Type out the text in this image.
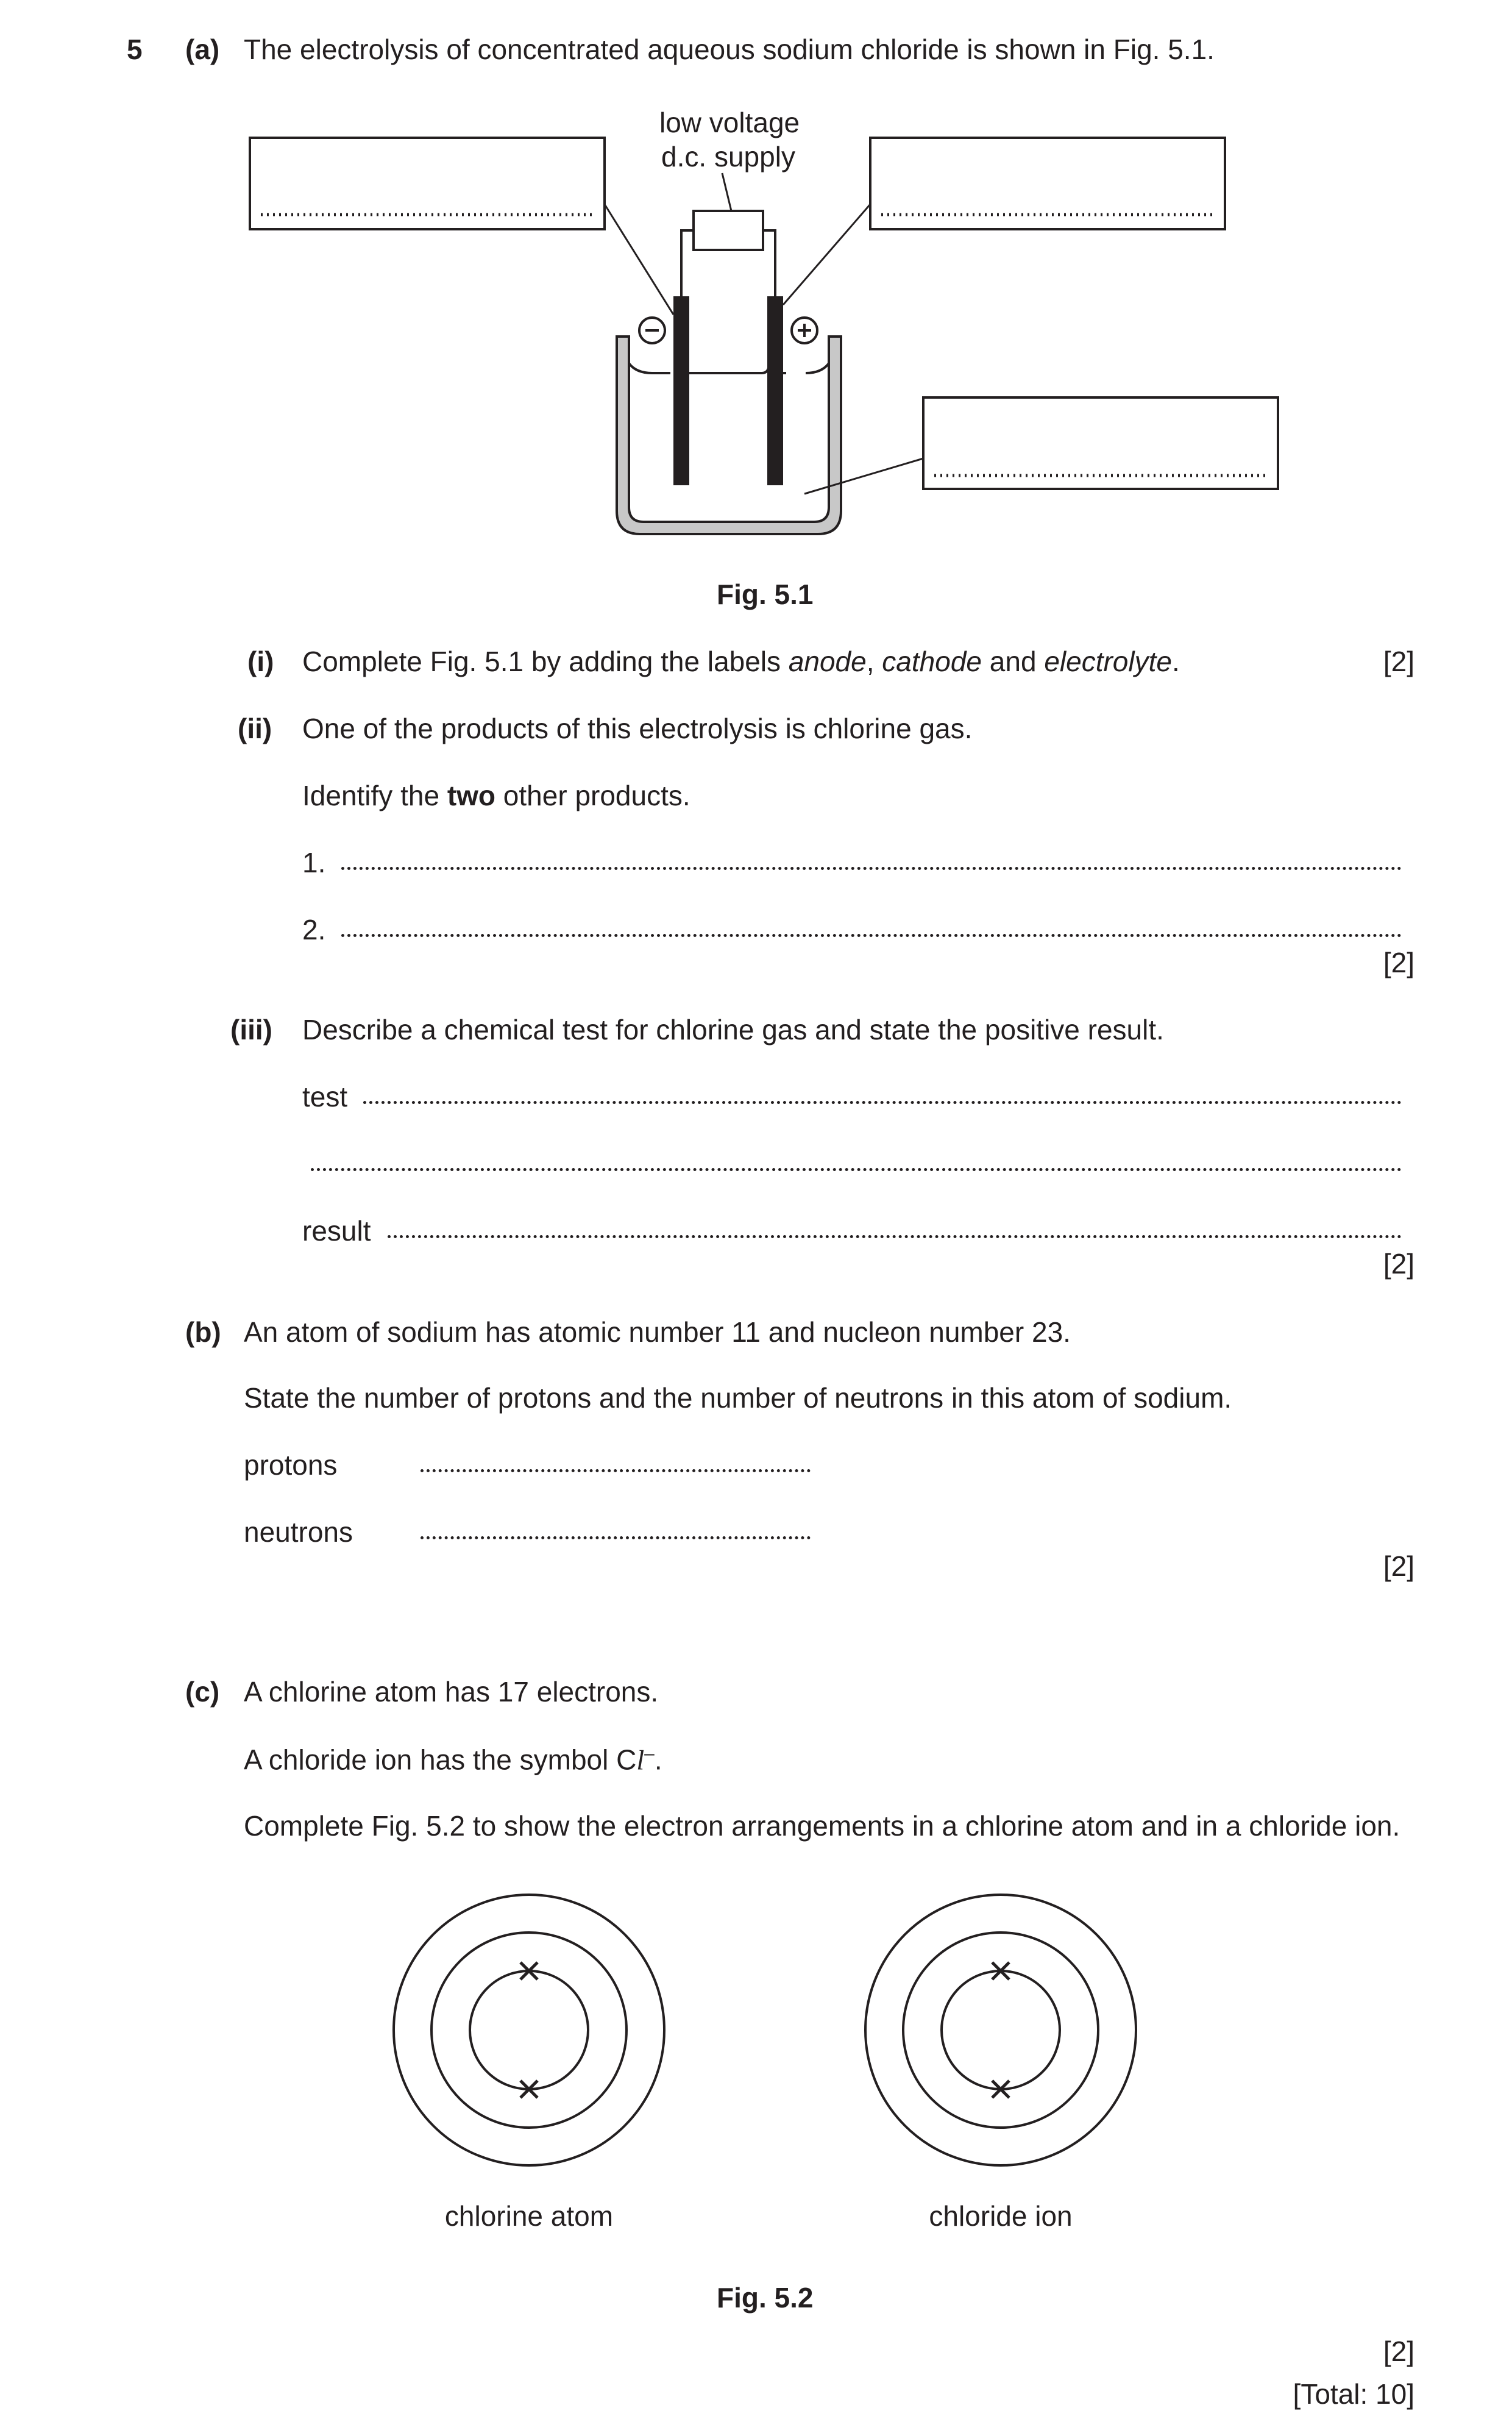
5 (a) The electrolysis of concentrated aqueous sodium chloride is shown in Fig. 5.1.
low voltage
d.c. supply
Fig. 5.1
(i) Complete Fig. 5.1 by adding the labels anode, cathode and electrolyte.	[2]
(ii) One of the products of this electrolysis is chlorine gas.
Identify the two other products.
1.
2.
[2]
(iii) Describe a chemical test for chlorine gas and state the positive result.
test
result
[2]
(b) An atom of sodium has atomic number 11 and nucleon number 23.
State the number of protons and the number of neutrons in this atom of sodium.
protons
neutrons
[2]
(c) A chlorine atom has 17 electrons.
A chloride ion has the symbol Cl–.
Complete Fig. 5.2 to show the electron arrangements in a chlorine atom and in a chloride ion.
chlorine atom	chloride ion
Fig. 5.2
[2]
[Total: 10]
